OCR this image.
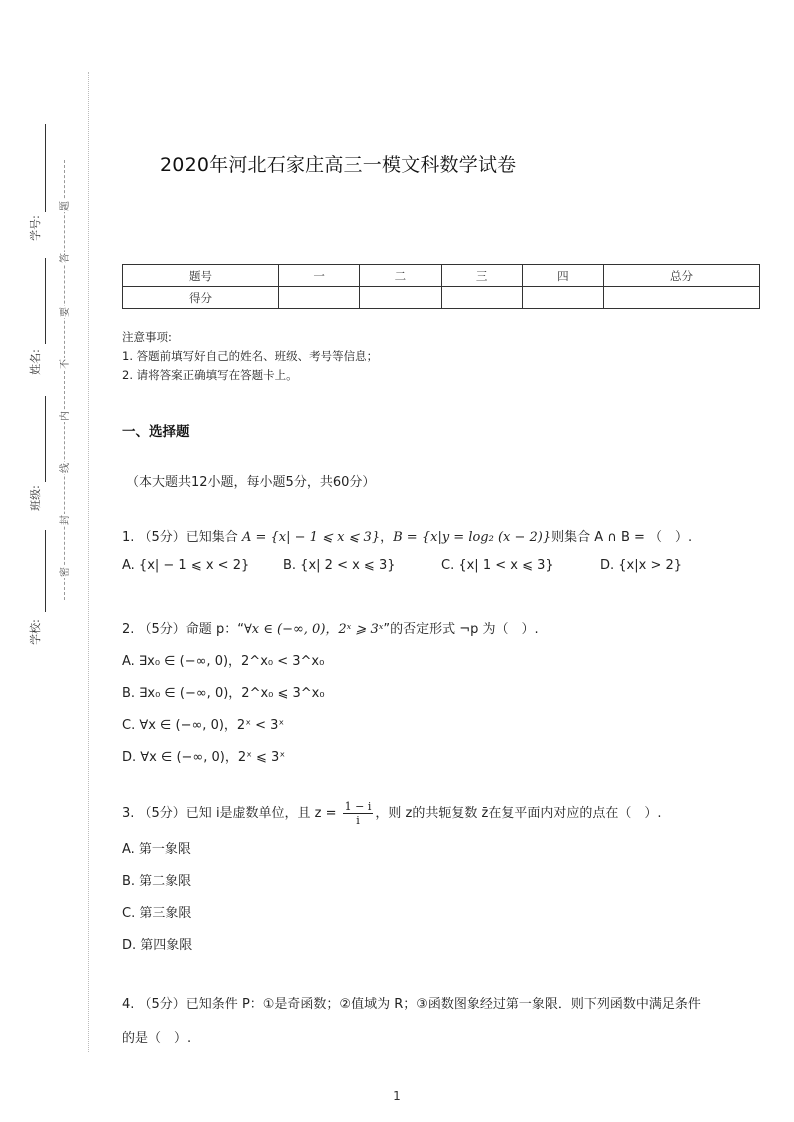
学号:
姓名:
班级:
学校:
题
答
要
不
内
线
封
密
2020年河北石家庄高三一模文科数学试卷
题号	一	二	三	四	总分
得分					
注意事项:
1. 答题前填写好自己的姓名、班级、考号等信息；
2. 请将答案正确填写在答题卡上。
一、选择题
（本大题共12小题，每小题5分，共60分）
1. （5分）已知集合 A = {x| − 1 ⩽ x ⩽ 3}，B = {x|y = log₂ (x − 2)}则集合 A ∩ B = （　）.
A. {x| − 1 ⩽ x < 2}	B. {x| 2 < x ⩽ 3}	C. {x| 1 < x ⩽ 3}	D. {x|x > 2}
2. （5分）命题 p：“∀x ∈ (−∞, 0)，2ˣ ⩾ 3ˣ”的否定形式 ¬p 为（　）.
A. ∃x₀ ∈ (−∞, 0)，2^x₀ < 3^x₀
B. ∃x₀ ∈ (−∞, 0)，2^x₀ ⩽ 3^x₀
C. ∀x ∈ (−∞, 0)，2ˣ < 3ˣ
D. ∀x ∈ (−∞, 0)，2ˣ ⩽ 3ˣ
3. （5分）已知 i是虚数单位，且 $z = \frac{1 - i}{i}$ ，则 z的共轭复数 z̄在复平面内对应的点在（　）.
A. 第一象限
B. 第二象限
C. 第三象限
D. 第四象限
4. （5分）已知条件 P：①是奇函数；②值域为 R；③函数图象经过第一象限．则下列函数中满足条件
的是（　）.
1
